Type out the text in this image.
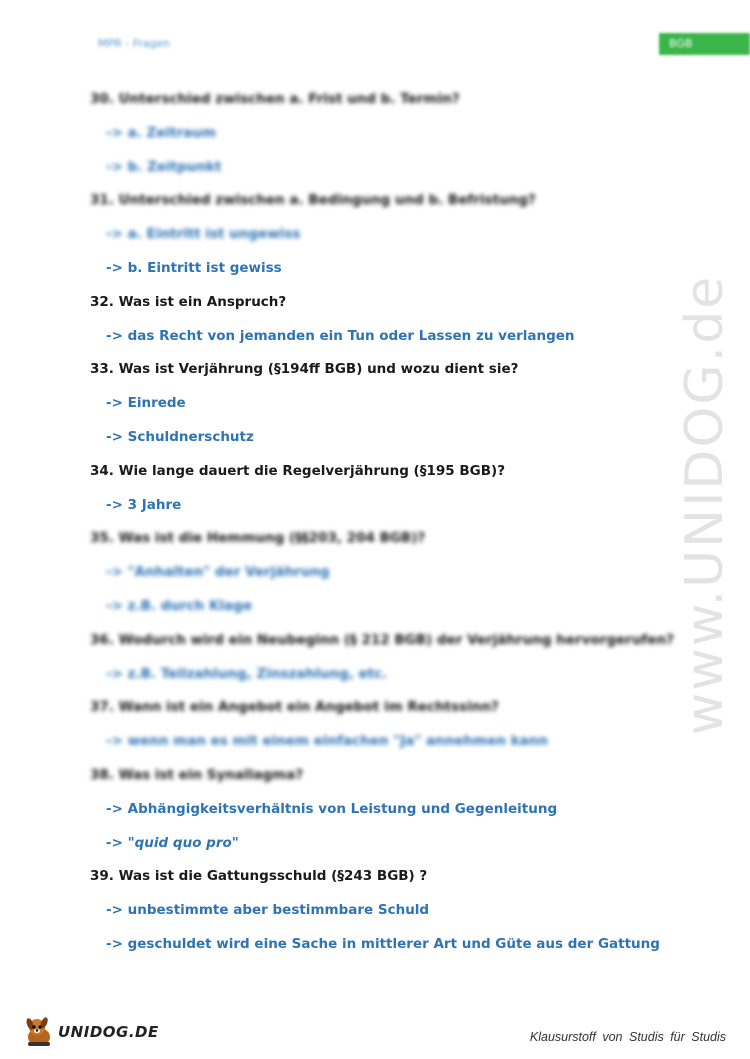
MPR - Fragen	BGB
www.UNIDOG.de
30. Unterschied zwischen a. Frist und b. Termin?
-> a. Zeitraum
-> b. Zeitpunkt
31. Unterschied zwischen a. Bedingung und b. Befristung?
-> a. Eintritt ist ungewiss
-> b. Eintritt ist gewiss
32. Was ist ein Anspruch?
-> das Recht von jemanden ein Tun oder Lassen zu verlangen
33. Was ist Verjährung (§194ff BGB) und wozu dient sie?
-> Einrede
-> Schuldnerschutz
34. Wie lange dauert die Regelverjährung (§195 BGB)?
-> 3 Jahre
35. Was ist die Hemmung (§§203, 204 BGB)?
-> "Anhalten" der Verjährung
-> z.B. durch Klage
36. Wodurch wird ein Neubeginn (§ 212 BGB) der Verjährung hervorgerufen?
-> z.B. Teilzahlung, Zinszahlung, etc.
37. Wann ist ein Angebot ein Angebot im Rechtssinn?
-> wenn man es mit einem einfachen "Ja" annehmen kann
38. Was ist ein Synallagma?
-> Abhängigkeitsverhältnis von Leistung und Gegenleitung
-> "quid quo pro"
39. Was ist die Gattungsschuld (§243 BGB) ?
-> unbestimmte aber bestimmbare Schuld
-> geschuldet wird eine Sache in mittlerer Art und Güte aus der Gattung
UNIDOG.DE	Klausurstoff von Studis für Studis
